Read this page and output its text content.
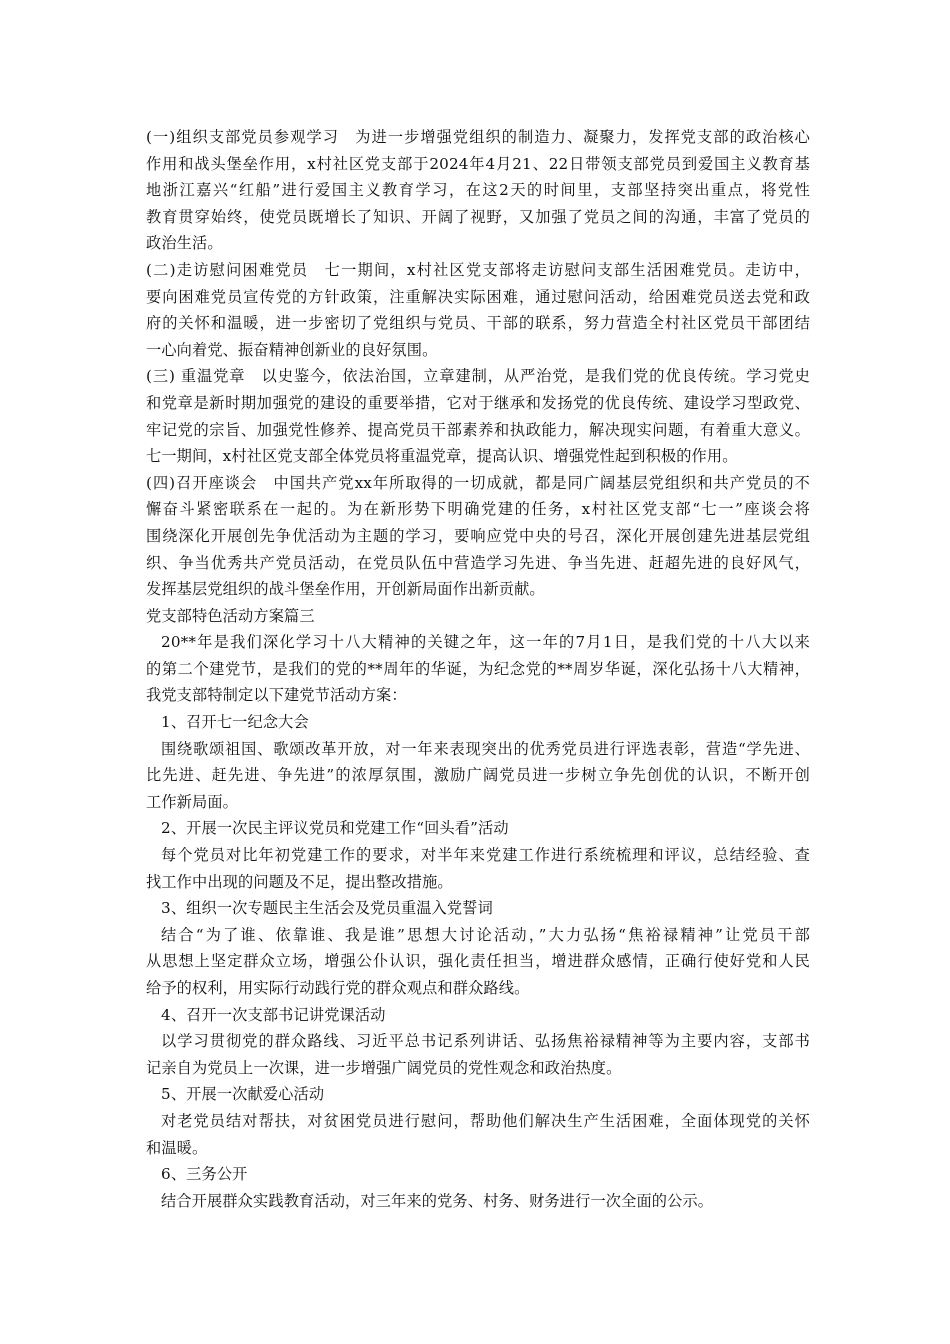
(一)组织支部党员参观学习　为进一步增强党组织的制造力、凝聚力，发挥党支部的政治核心
作用和战头堡垒作用，x村社区党支部于2024年4月21、22日带领支部党员到爱国主义教育基
地浙江嘉兴“红船”进行爱国主义教育学习，在这2天的时间里，支部坚持突出重点，将党性
教育贯穿始终，使党员既增长了知识、开阔了视野，又加强了党员之间的沟通，丰富了党员的
政治生活。
(二)走访慰问困难党员　七一期间，x村社区党支部将走访慰问支部生活困难党员。走访中，
要向困难党员宣传党的方针政策，注重解决实际困难，通过慰问活动，给困难党员送去党和政
府的关怀和温暖，进一步密切了党组织与党员、干部的联系，努力营造全村社区党员干部团结
一心向着党、振奋精神创新业的良好氛围。
(三) 重温党章　以史鉴今，依法治国，立章建制，从严治党，是我们党的优良传统。学习党史
和党章是新时期加强党的建设的重要举措，它对于继承和发扬党的优良传统、建设学习型政党、
牢记党的宗旨、加强党性修养、提高党员干部素养和执政能力，解决现实问题，有着重大意义。
七一期间，x村社区党支部全体党员将重温党章，提高认识、增强党性起到积极的作用。
(四)召开座谈会　中国共产党xx年所取得的一切成就，都是同广阔基层党组织和共产党员的不
懈奋斗紧密联系在一起的。为在新形势下明确党建的任务，x村社区党支部“七一”座谈会将
围绕深化开展创先争优活动为主题的学习，要响应党中央的号召，深化开展创建先进基层党组
织、争当优秀共产党员活动，在党员队伍中营造学习先进、争当先进、赶超先进的良好风气，
发挥基层党组织的战斗堡垒作用，开创新局面作出新贡献。
党支部特色活动方案篇三
20**年是我们深化学习十八大精神的关键之年，这一年的7月1日，是我们党的十八大以来
的第二个建党节，是我们的党的**周年的华诞，为纪念党的**周岁华诞，深化弘扬十八大精神，
我党支部特制定以下建党节活动方案：
1、召开七一纪念大会
围绕歌颂祖国、歌颂改革开放，对一年来表现突出的优秀党员进行评选表彰，营造“学先进、
比先进、赶先进、争先进”的浓厚氛围，激励广阔党员进一步树立争先创优的认识，不断开创
工作新局面。
2、开展一次民主评议党员和党建工作“回头看”活动
每个党员对比年初党建工作的要求，对半年来党建工作进行系统梳理和评议，总结经验、查
找工作中出现的问题及不足，提出整改措施。
3、组织一次专题民主生活会及党员重温入党誓词
结合“为了谁、依靠谁、我是谁”思想大讨论活动，”大力弘扬“焦裕禄精神”让党员干部
从思想上坚定群众立场，增强公仆认识，强化责任担当，增进群众感情，正确行使好党和人民
给予的权利，用实际行动践行党的群众观点和群众路线。
4、召开一次支部书记讲党课活动
以学习贯彻党的群众路线、习近平总书记系列讲话、弘扬焦裕禄精神等为主要内容，支部书
记亲自为党员上一次课，进一步增强广阔党员的党性观念和政治热度。
5、开展一次献爱心活动
对老党员结对帮扶，对贫困党员进行慰问，帮助他们解决生产生活困难，全面体现党的关怀
和温暖。
6、三务公开
结合开展群众实践教育活动，对三年来的党务、村务、财务进行一次全面的公示。
